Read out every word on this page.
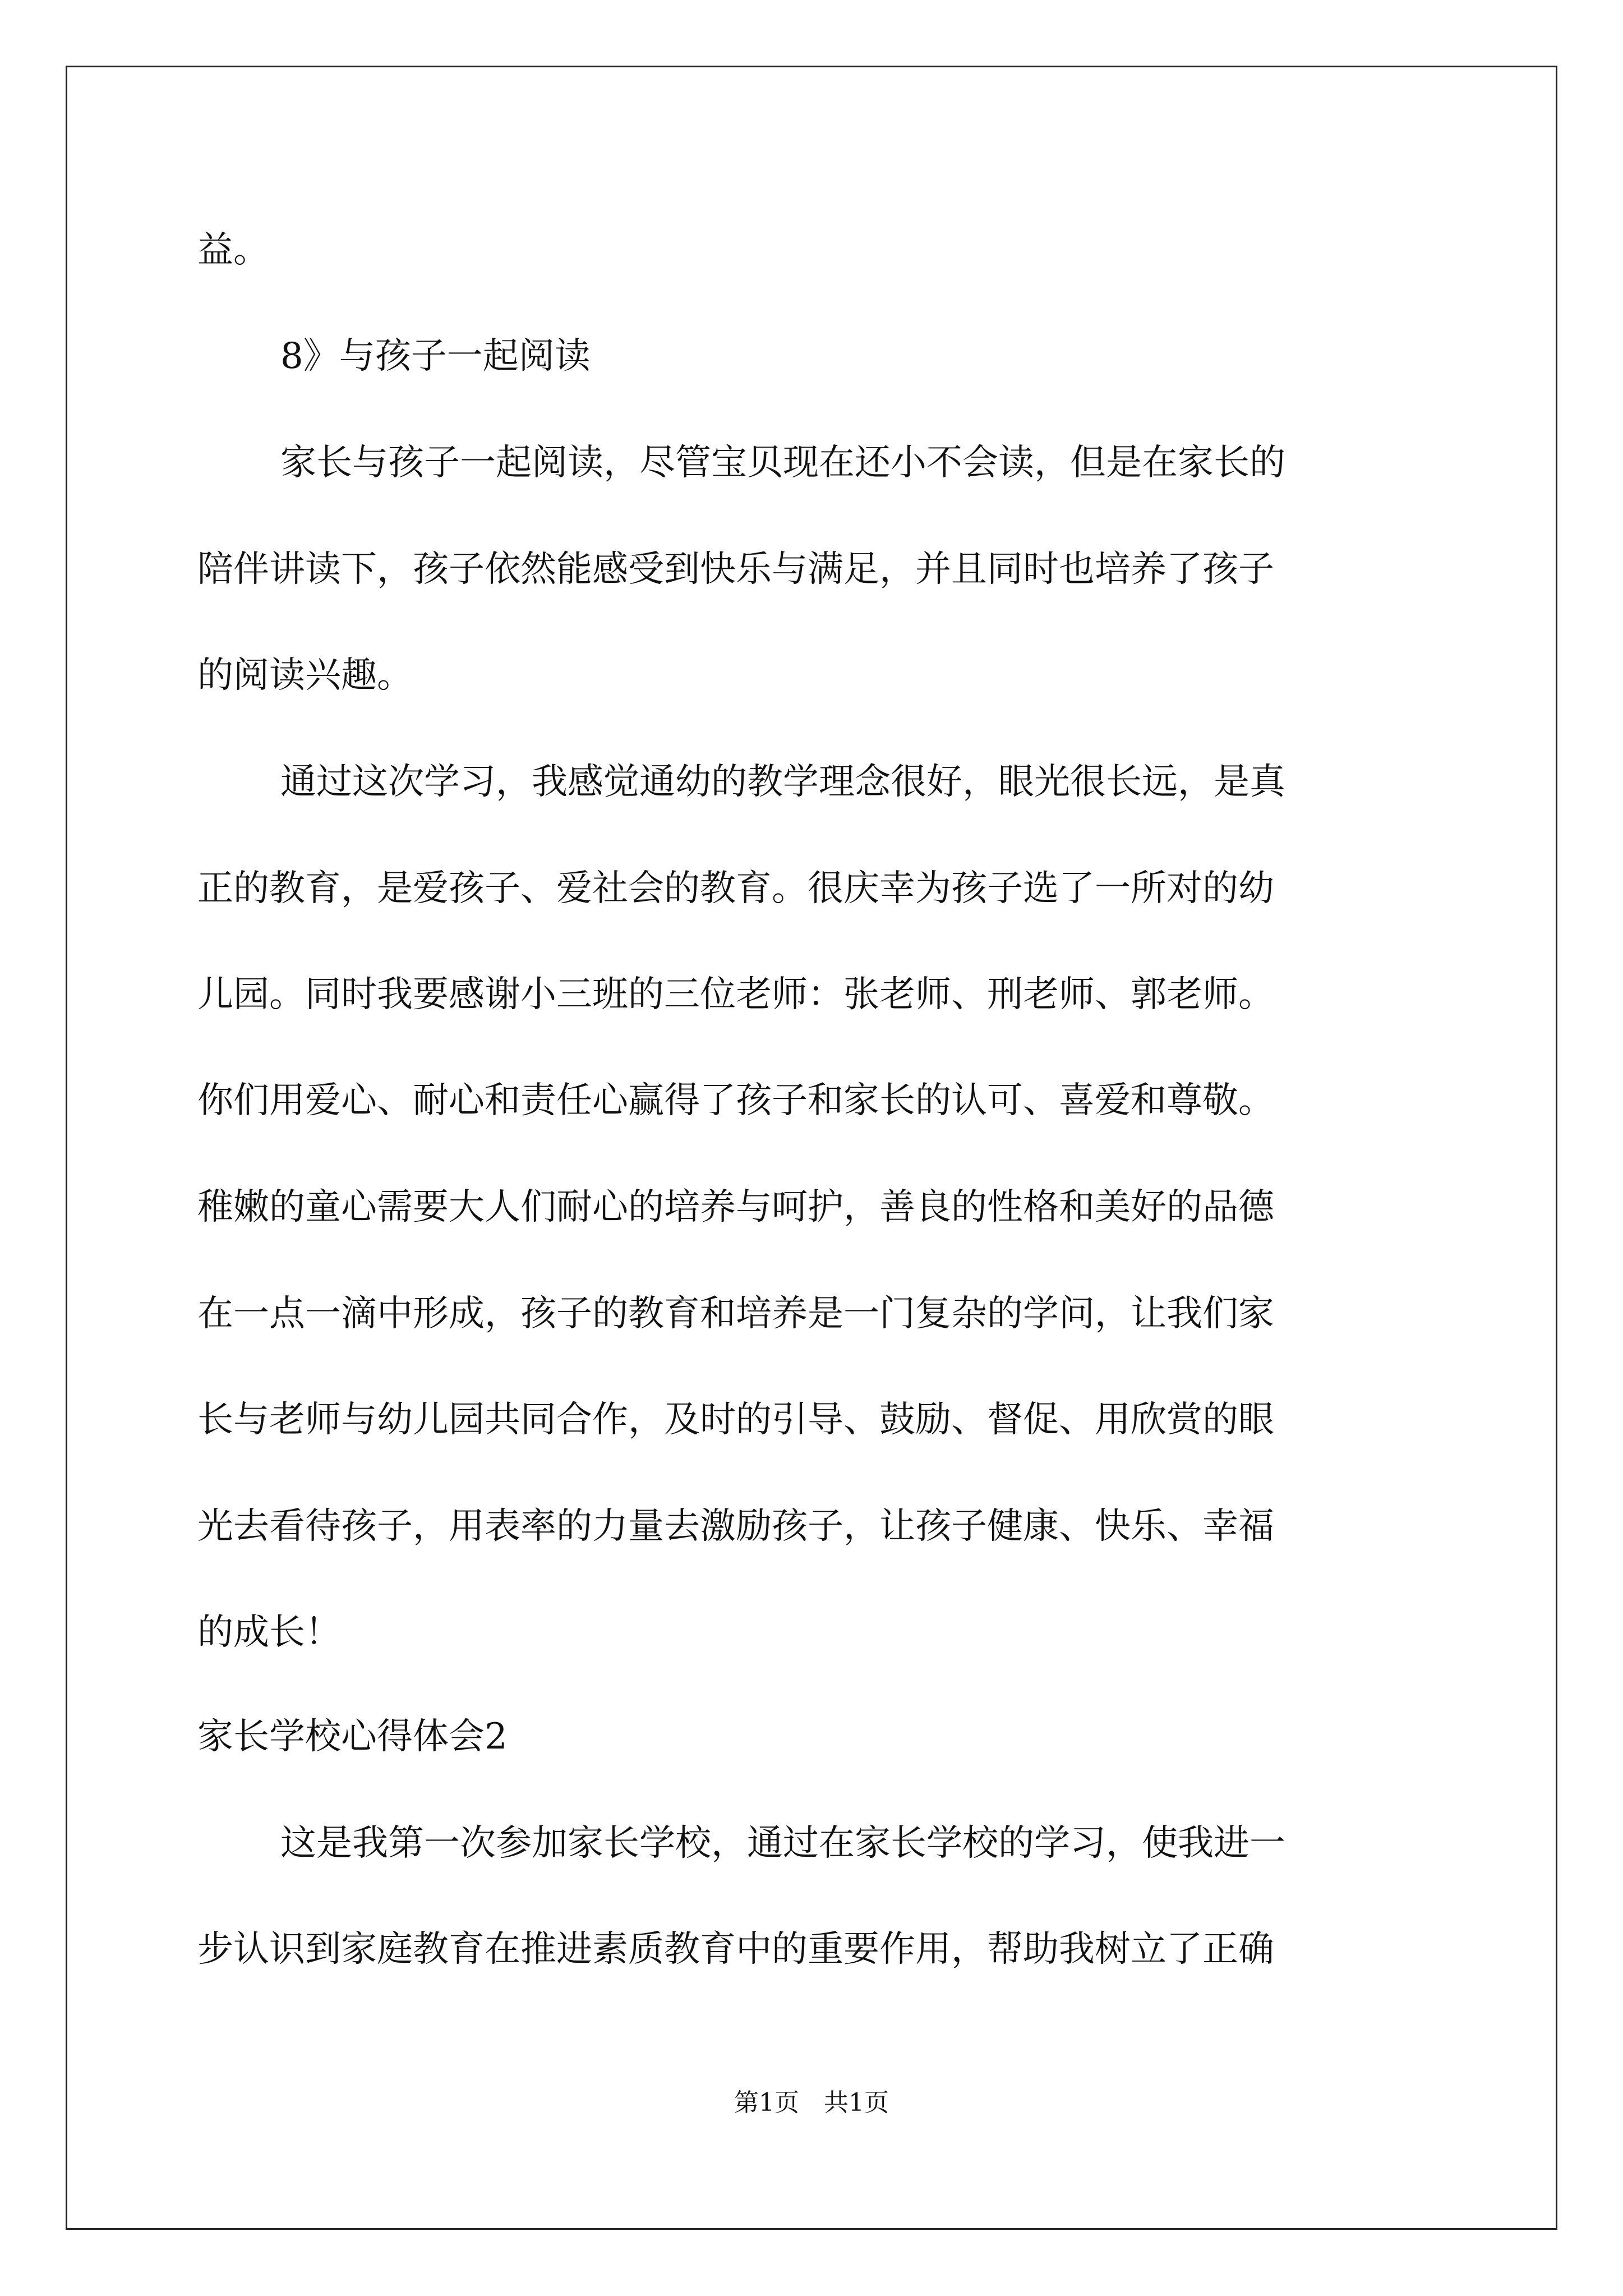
益。
8》与孩子一起阅读
家长与孩子一起阅读，尽管宝贝现在还小不会读，但是在家长的
陪伴讲读下，孩子依然能感受到快乐与满足，并且同时也培养了孩子
的阅读兴趣。
通过这次学习，我感觉通幼的教学理念很好，眼光很长远，是真
正的教育，是爱孩子、爱社会的教育。很庆幸为孩子选了一所对的幼
儿园。同时我要感谢小三班的三位老师：张老师、刑老师、郭老师。
你们用爱心、耐心和责任心赢得了孩子和家长的认可、喜爱和尊敬。
稚嫩的童心需要大人们耐心的培养与呵护，善良的性格和美好的品德
在一点一滴中形成，孩子的教育和培养是一门复杂的学问，让我们家
长与老师与幼儿园共同合作，及时的引导、鼓励、督促、用欣赏的眼
光去看待孩子，用表率的力量去激励孩子，让孩子健康、快乐、幸福
的成长！
家长学校心得体会2
这是我第一次参加家长学校，通过在家长学校的学习，使我进一
步认识到家庭教育在推进素质教育中的重要作用，帮助我树立了正确
第1页　共1页
